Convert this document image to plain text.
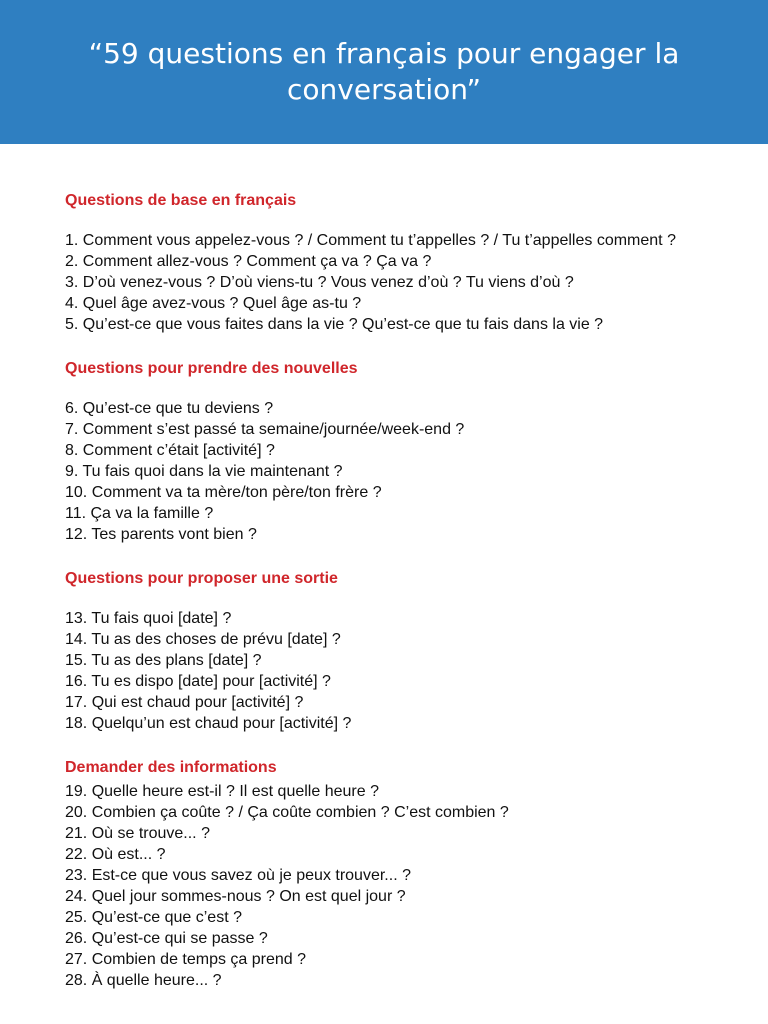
“59 questions en français pour engager la conversation”

Questions de base en français

1. Comment vous appelez-vous ? / Comment tu t’appelles ? / Tu t’appelles comment ?
2. Comment allez-vous ? Comment ça va ? Ça va ?
3. D’où venez-vous ? D’où viens-tu ? Vous venez d’où ? Tu viens d’où ?
4. Quel âge avez-vous ? Quel âge as-tu ?
5. Qu’est-ce que vous faites dans la vie ? Qu’est-ce que tu fais dans la vie ?

Questions pour prendre des nouvelles

6. Qu’est-ce que tu deviens ?
7. Comment s’est passé ta semaine/journée/week-end ?
8. Comment c’était [activité] ?
9. Tu fais quoi dans la vie maintenant ?
10. Comment va ta mère/ton père/ton frère ?
11. Ça va la famille ?
12. Tes parents vont bien ?

Questions pour proposer une sortie

13. Tu fais quoi [date] ?
14. Tu as des choses de prévu [date] ?
15. Tu as des plans [date] ?
16. Tu es dispo [date] pour [activité] ?
17. Qui est chaud pour [activité] ?
18. Quelqu’un est chaud pour [activité] ?

Demander des informations

19. Quelle heure est-il ? Il est quelle heure ?
20. Combien ça coûte ? / Ça coûte combien ? C’est combien ?
21. Où se trouve... ?
22. Où est... ?
23. Est-ce que vous savez où je peux trouver... ?
24. Quel jour sommes-nous ? On est quel jour ?
25. Qu’est-ce que c’est ?
26. Qu’est-ce qui se passe ?
27. Combien de temps ça prend ?
28. À quelle heure... ?
